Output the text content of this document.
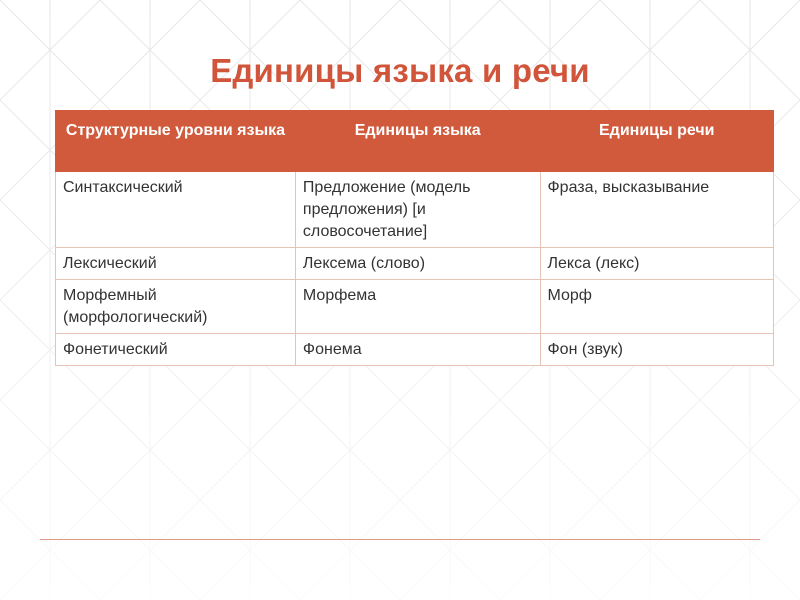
Единицы языка и речи
Структурные уровни языка	Единицы языка	Единицы речи
Синтаксический	Предложение (модель предложения) [и словосочетание]	Фраза, высказывание
Лексический	Лексема (слово)	Лекса (лекс)
Морфемный (морфологический)	Морфема	Морф
Фонетический	Фонема	Фон (звук)
